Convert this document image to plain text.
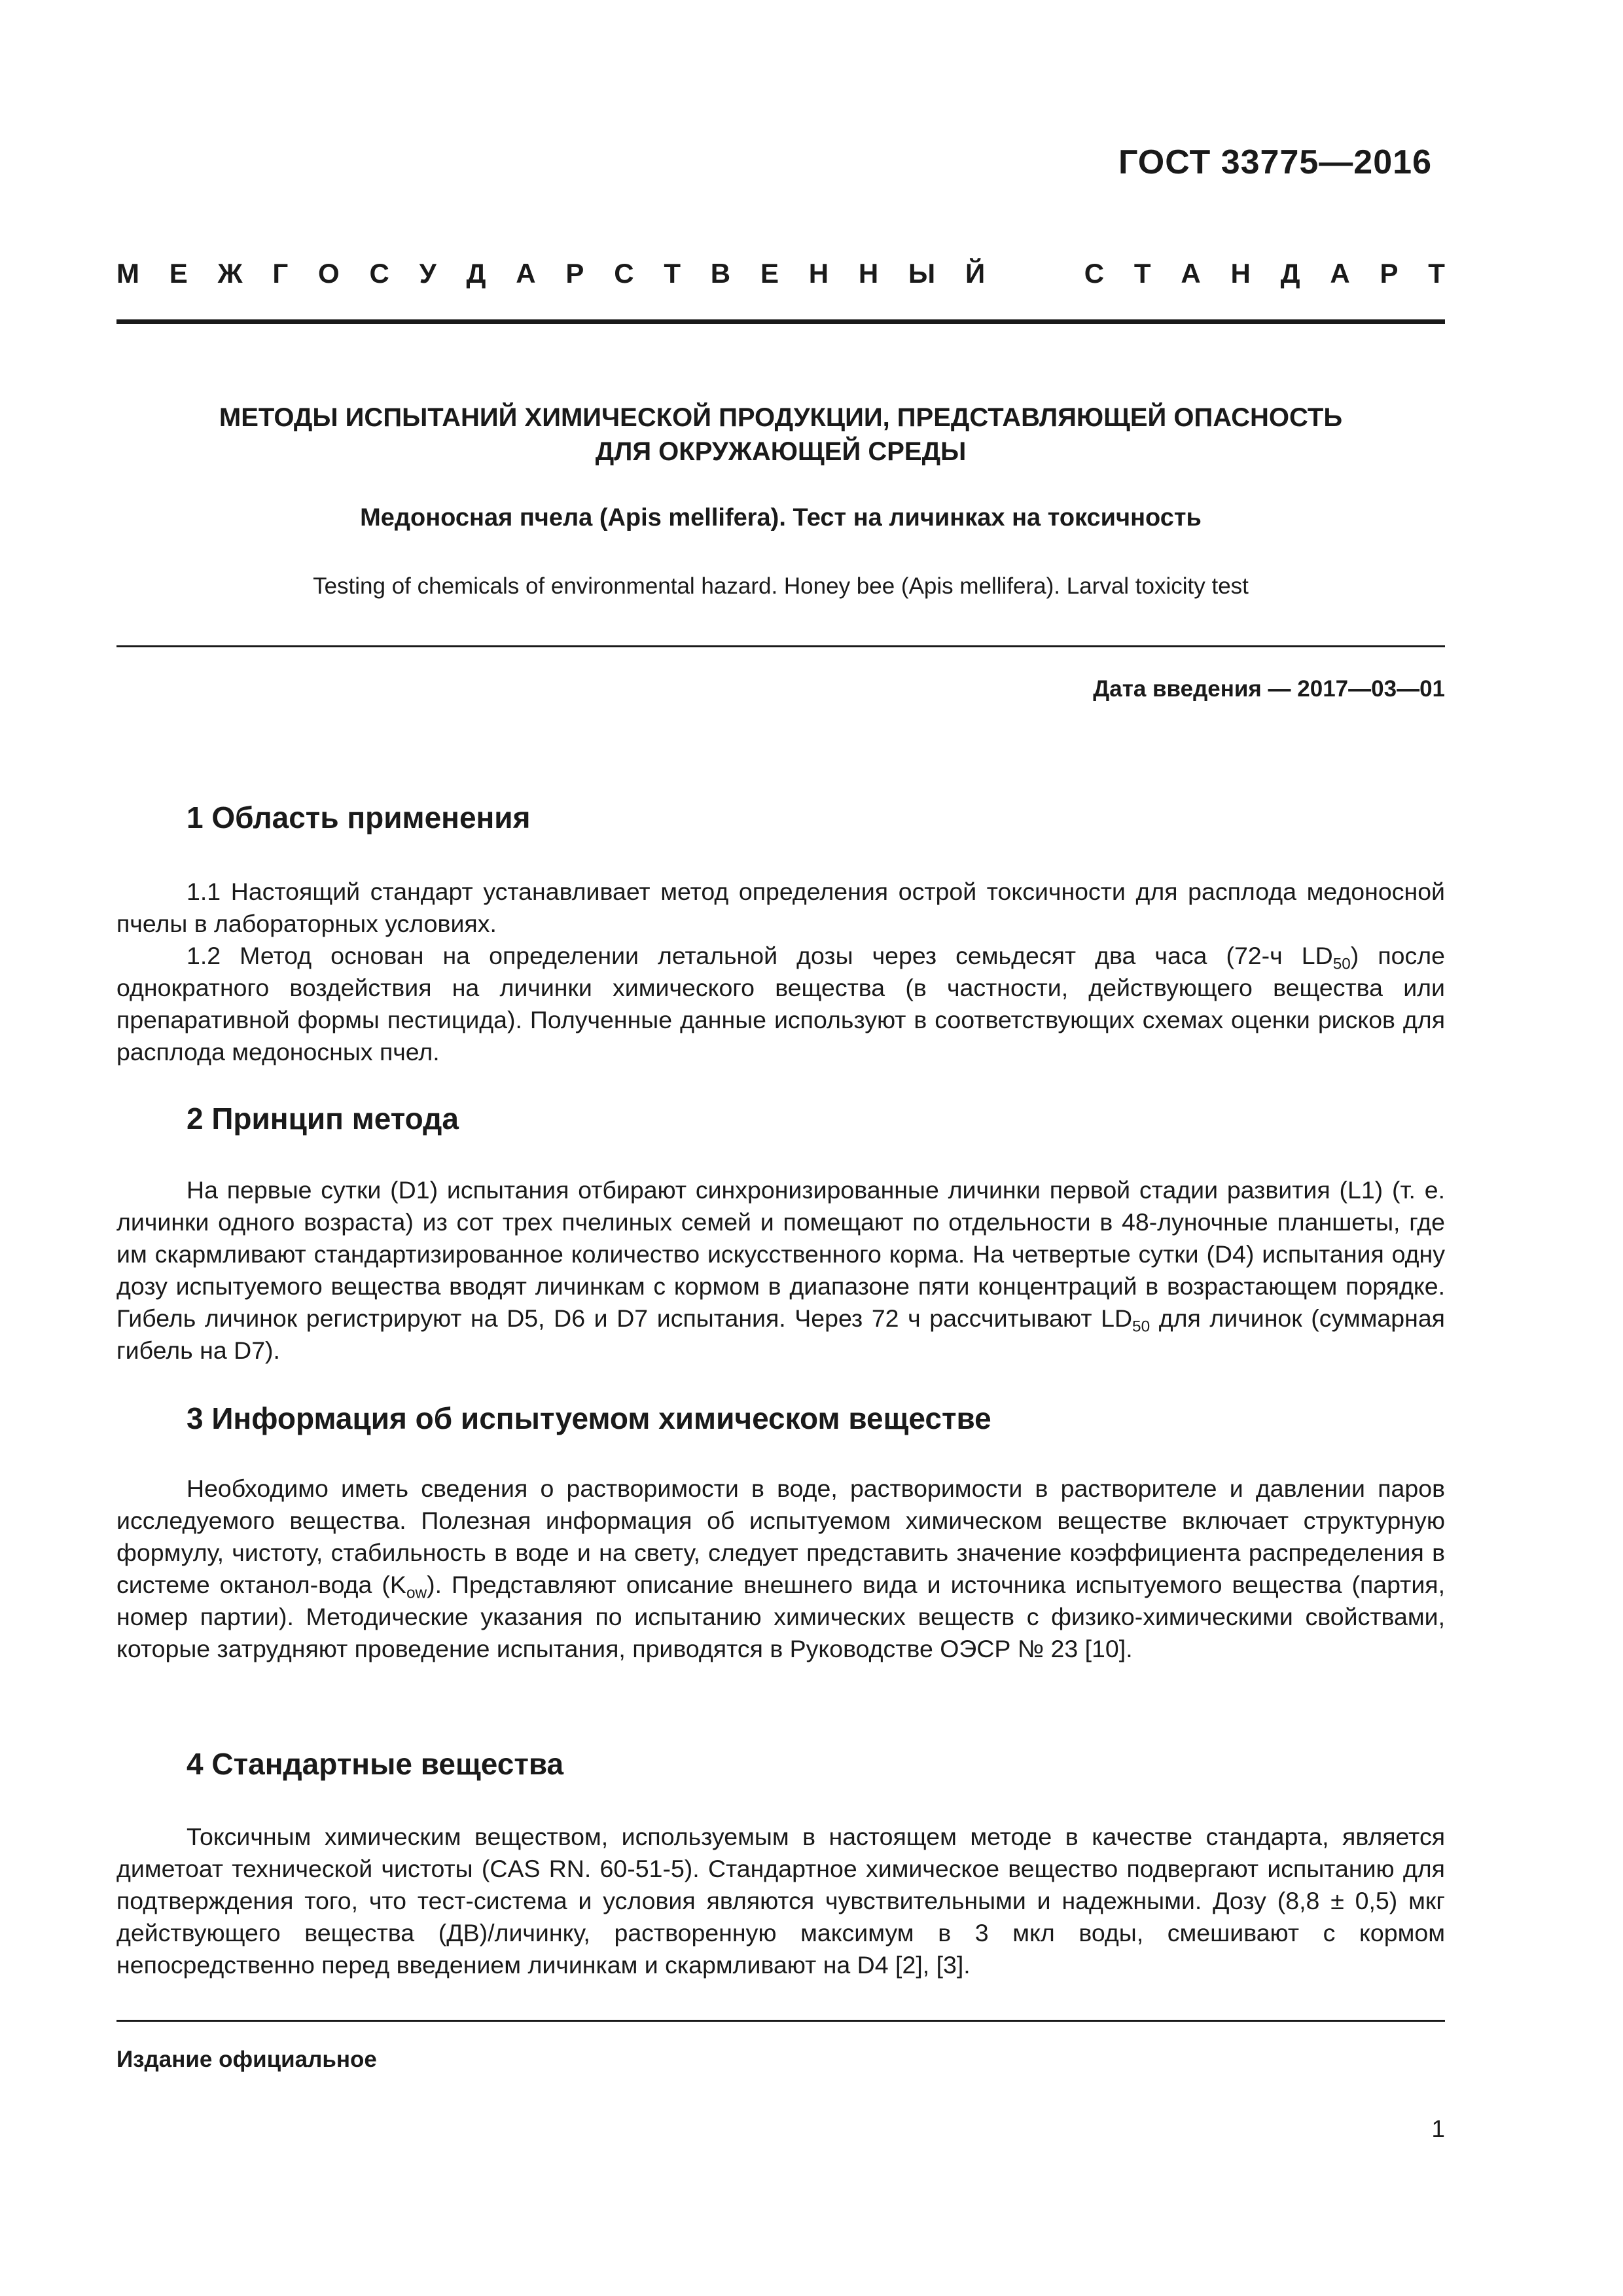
ГОСТ 33775—2016
М Е Ж Г О С У Д А Р С Т В Е Н Н Ы Й	С Т А Н Д А Р Т
МЕТОДЫ ИСПЫТАНИЙ ХИМИЧЕСКОЙ ПРОДУКЦИИ, ПРЕДСТАВЛЯЮЩЕЙ ОПАСНОСТЬ
ДЛЯ ОКРУЖАЮЩЕЙ СРЕДЫ
Медоносная пчела (Apis mellifera). Тест на личинках на токсичность
Testing of chemicals of environmental hazard. Honey bee (Apis mellifera). Larval toxicity test
Дата введения — 2017—03—01
1 Область применения

1.1 Настоящий стандарт устанавливает метод определения острой токсичности для расплода медоносной пчелы в лабораторных условиях.

1.2 Метод основан на определении летальной дозы через семьдесят два часа (72-ч $LD_{50}$) после однократного воздействия на личинки химического вещества (в частности, действующего вещества или препаративной формы пестицида). Полученные данные используют в соответствующих схемах оценки рисков для расплода медоносных пчел.

2 Принцип метода

На первые сутки (D1) испытания отбирают синхронизированные личинки первой стадии развития (L1) (т. е. личинки одного возраста) из сот трех пчелиных семей и помещают по отдельности в 48-луночные планшеты, где им скармливают стандартизированное количество искусственного корма. На четвертые сутки (D4) испытания одну дозу испытуемого вещества вводят личинкам с кормом в диапазоне пяти концентраций в возрастающем порядке. Гибель личинок регистрируют на D5, D6 и D7 испытания. Через 72 ч рассчитывают $LD_{50}$ для личинок (суммарная гибель на D7).

3 Информация об испытуемом химическом веществе

Необходимо иметь сведения о растворимости в воде, растворимости в растворителе и давлении паров исследуемого вещества. Полезная информация об испытуемом химическом веществе включает структурную формулу, чистоту, стабильность в воде и на свету, следует представить значение коэффициента распределения в системе октанол-вода $(K_{ow})$. Представляют описание внешнего вида и источника испытуемого вещества (партия, номер партии). Методические указания по испытанию химических веществ с физико-химическими свойствами, которые затрудняют проведение испытания, приводятся в Руководстве ОЭСР № 23 [10].

4 Стандартные вещества

Токсичным химическим веществом, используемым в настоящем методе в качестве стандарта, является диметоат технической чистоты (CAS RN. 60-51-5). Стандартное химическое вещество подвергают испытанию для подтверждения того, что тест-система и условия являются чувствительными и надежными. Дозу (8,8 ± 0,5) мкг действующего вещества (ДВ)/личинку, растворенную максимум в 3 мкл воды, смешивают с кормом непосредственно перед введением личинкам и скармливают на D4 [2], [3].

Издание официальное
1
